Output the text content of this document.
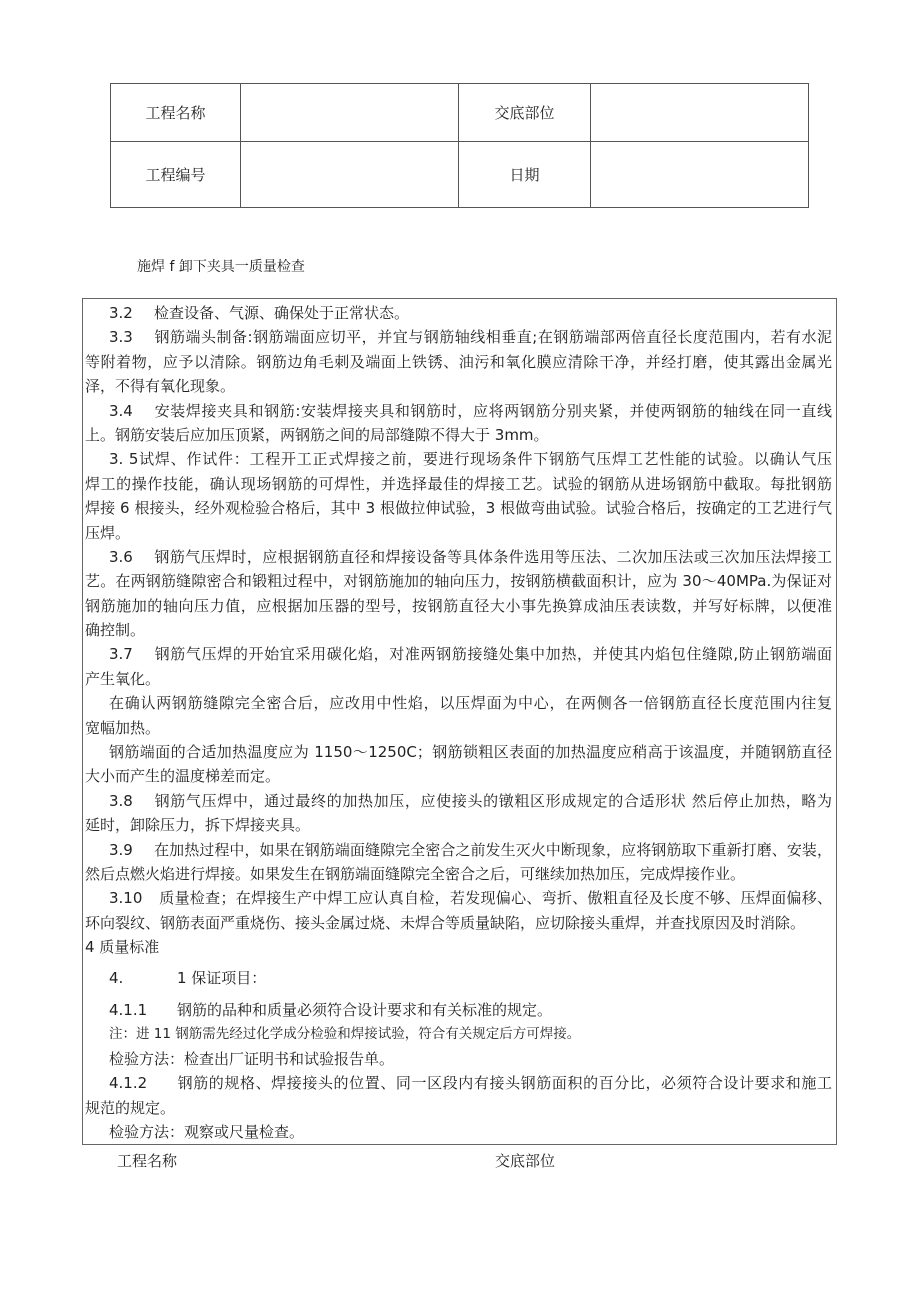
工程名称		交底部位	
工程编号		日期	
施焊 f 卸下夹具一质量检查
3.2 检查设备、气源、确保处于正常状态。
3.3 钢筋端头制备:钢筋端面应切平，并宜与钢筋轴线相垂直;在钢筋端部两倍直径长度范围内，若有水泥
等附着物，应予以清除。钢筋边角毛刺及端面上铁锈、油污和氧化膜应清除干净，并经打磨，使其露出金属光
泽，不得有氧化现象。
3.4 安装焊接夹具和钢筋:安装焊接夹具和钢筋时，应将两钢筋分别夹紧，并使两钢筋的轴线在同一直线
上。钢筋安装后应加压顶紧，两钢筋之间的局部缝隙不得大于 3mm。
3. 5试焊、作试件：工程开工正式焊接之前，要进行现场条件下钢筋气压焊工艺性能的试验。以确认气压
焊工的操作技能，确认现场钢筋的可焊性，并选择最佳的焊接工艺。试验的钢筋从进场钢筋中截取。每批钢筋
焊接 6 根接头，经外观检验合格后，其中 3 根做拉伸试验，3 根做弯曲试验。试验合格后，按确定的工艺进行气
压焊。
3.6 钢筋气压焊时，应根据钢筋直径和焊接设备等具体条件选用等压法、二次加压法或三次加压法焊接工
艺。在两钢筋缝隙密合和锻粗过程中，对钢筋施加的轴向压力，按钢筋横截面积计，应为 30～40MPa.为保证对
钢筋施加的轴向压力值，应根据加压器的型号，按钢筋直径大小事先换算成油压表读数，并写好标牌，以便准
确控制。
3.7 钢筋气压焊的开始宜采用碳化焰，对准两钢筋接缝处集中加热，并使其内焰包住缝隙,防止钢筋端面
产生氧化。
在确认两钢筋缝隙完全密合后，应改用中性焰，以压焊面为中心，在两侧各一倍钢筋直径长度范围内往复
宽幅加热。
钢筋端面的合适加热温度应为 1150～1250C；钢筋锁粗区表面的加热温度应稍高于该温度，并随钢筋直径
大小而产生的温度梯差而定。
3.8 钢筋气压焊中，通过最终的加热加压，应使接头的镦粗区形成规定的合适形状 然后停止加热，略为
延时，卸除压力，拆下焊接夹具。
3.9 在加热过程中，如果在钢筋端面缝隙完全密合之前发生灭火中断现象，应将钢筋取下重新打磨、安装，
然后点燃火焰进行焊接。如果发生在钢筋端面缝隙完全密合之后，可继续加热加压，完成焊接作业。
3.10 质量检查；在焊接生产中焊工应认真自检，若发现偏心、弯折、傲粗直径及长度不够、压焊面偏移、
环向裂纹、钢筋表面严重烧伤、接头金属过烧、未焊合等质量缺陷，应切除接头重焊，并查找原因及时消除。
4 质量标准
4.	1 保证项目：
4.1.1 钢筋的品种和质量必须符合设计要求和有关标准的规定。
注：进 11 钢筋需先经过化学成分检验和焊接试验，符合有关规定后方可焊接。
检验方法：检查出厂证明书和试验报告单。
4.1.2 钢筋的规格、焊接接头的位置、同一区段内有接头钢筋面积的百分比，必须符合设计要求和施工
规范的规定。
检验方法：观察或尺量检查。
工程名称	交底部位
